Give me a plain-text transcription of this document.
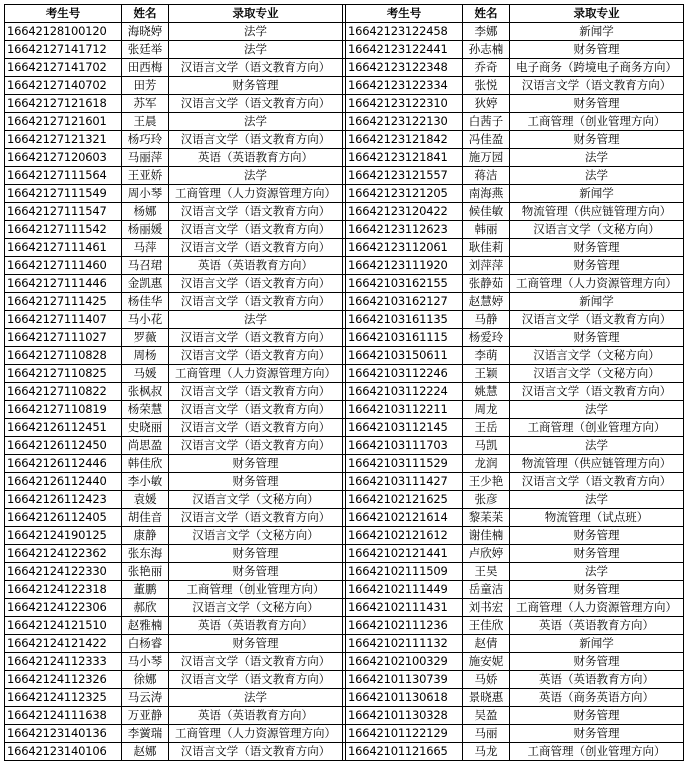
考生号	姓名	录取专业		考生号	姓名	录取专业
16642128100120	海晓婷	法学		16642123122458	李娜	新闻学
16642127141712	张廷举	法学		16642123122441	孙志楠	财务管理
16642127141702	田西梅	汉语言文学（语文教育方向）		16642123122348	乔奇	电子商务（跨境电子商务方向）
16642127140702	田芳	财务管理		16642123122334	张悦	汉语言文学（语文教育方向）
16642127121618	苏军	汉语言文学（语文教育方向）		16642123122310	狄婷	财务管理
16642127121601	王晨	法学		16642123122130	白茜子	工商管理（创业管理方向）
16642127121321	杨巧玲	汉语言文学（语文教育方向）		16642123121842	冯佳盈	财务管理
16642127120603	马丽萍	英语（英语教育方向）		16642123121841	施万园	法学
16642127111564	王亚娇	法学		16642123121557	蒋洁	法学
16642127111549	周小琴	工商管理（人力资源管理方向）		16642123121205	南海燕	新闻学
16642127111547	杨娜	汉语言文学（语文教育方向）		16642123120422	候佳敏	物流管理（供应链管理方向）
16642127111542	杨丽媛	汉语言文学（语文教育方向）		16642123112623	韩丽	汉语言文学（文秘方向）
16642127111461	马萍	汉语言文学（语文教育方向）		16642123112061	耿佳莉	财务管理
16642127111460	马召珺	英语（英语教育方向）		16642123111920	刘萍萍	财务管理
16642127111446	金凯惠	汉语言文学（语文教育方向）		16642103162155	张静茹	工商管理（人力资源管理方向）
16642127111425	杨佳华	汉语言文学（语文教育方向）		16642103162127	赵慧婷	新闻学
16642127111407	马小花	法学		16642103161135	马静	汉语言文学（语文教育方向）
16642127111027	罗薇	汉语言文学（语文教育方向）		16642103161115	杨爱玲	财务管理
16642127110828	周杨	汉语言文学（语文教育方向）		16642103150611	李萌	汉语言文学（文秘方向）
16642127110825	马媛	工商管理（人力资源管理方向）		16642103112246	王颖	汉语言文学（文秘方向）
16642127110822	张枫叔	汉语言文学（语文教育方向）		16642103112224	姚慧	汉语言文学（语文教育方向）
16642127110819	杨荣慧	汉语言文学（语文教育方向）		16642103112211	周龙	法学
16642126112451	史晓丽	汉语言文学（语文教育方向）		16642103112145	王岳	工商管理（创业管理方向）
16642126112450	尚思盈	汉语言文学（语文教育方向）		16642103111703	马凯	法学
16642126112446	韩佳欣	财务管理		16642103111529	龙润	物流管理（供应链管理方向）
16642126112440	李小敏	财务管理		16642103111427	王少艳	汉语言文学（语文教育方向）
16642126112423	袁媛	汉语言文学（文秘方向）		16642102121625	张彦	法学
16642126112405	胡佳音	汉语言文学（语文教育方向）		16642102121614	黎苿苿	物流管理（试点班）
16642124190125	康静	汉语言文学（文秘方向）		16642102121612	谢佳楠	财务管理
16642124122362	张东海	财务管理		16642102121441	卢欣婷	财务管理
16642124122330	张艳丽	财务管理		16642102111509	王昊	法学
16642124122318	董鹏	工商管理（创业管理方向）		16642102111449	岳童洁	财务管理
16642124122306	郝欣	汉语言文学（文秘方向）		16642102111431	刘书宏	工商管理（人力资源管理方向）
16642124121510	赵雅楠	英语（英语教育方向）		16642102111236	王佳欣	英语（英语教育方向）
16642124121422	白杨睿	财务管理		16642102111132	赵倩	新闻学
16642124112333	马小琴	汉语言文学（语文教育方向）		16642102100329	施安妮	财务管理
16642124112326	徐娜	汉语言文学（语文教育方向）		16642101130739	马娇	英语（英语教育方向）
16642124112325	马云涛	法学		16642101130618	景晓惠	英语（商务英语方向）
16642124111638	万亚静	英语（英语教育方向）		16642101130328	吴盈	财务管理
16642123140136	李黉瑞	工商管理（人力资源管理方向）		16642101122129	马丽	财务管理
16642123140106	赵娜	汉语言文学（语文教育方向）		16642101121665	马龙	工商管理（创业管理方向）
